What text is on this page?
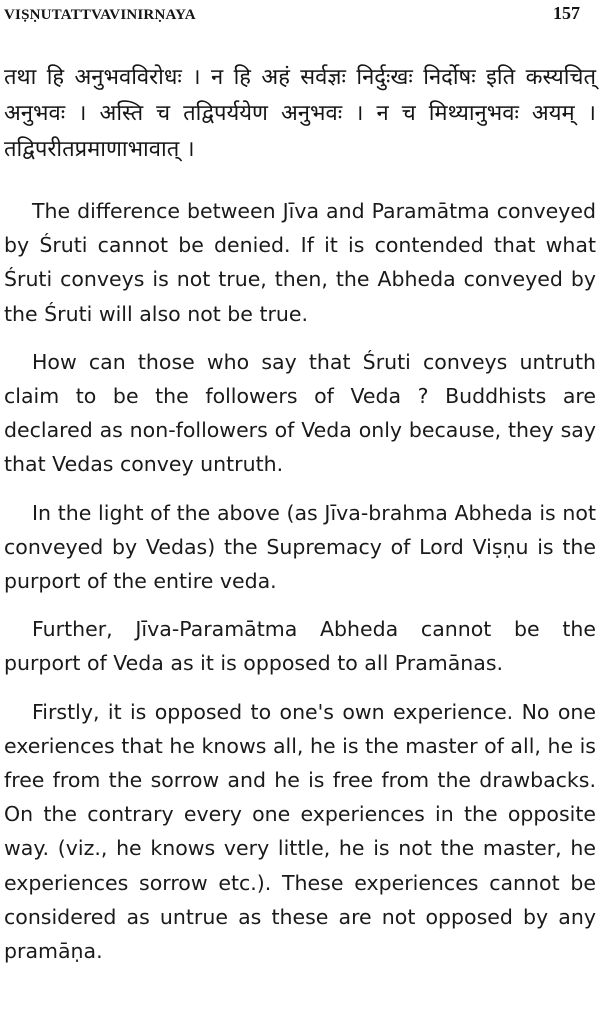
VIṢṆUTATTVAVINIRṆAYA	157

तथा हि अनुभवविरोधः । न हि अहं सर्वज्ञः निर्दुःखः निर्दोषः इति कस्यचित् अनुभवः । अस्ति च तद्विपर्ययेण अनुभवः । न च मिथ्यानुभवः अयम् । तद्विपरीतप्रमाणाभावात् ।

The difference between Jīva and Paramātma conveyed by Śruti cannot be denied. If it is contended that what Śruti conveys is not true, then, the Abheda conveyed by the Śruti will also not be true.

How can those who say that Śruti conveys untruth claim to be the followers of Veda ? Buddhists are declared as non-followers of Veda only because, they say that Vedas convey untruth.

In the light of the above (as Jīva-brahma Abheda is not conveyed by Vedas) the Supremacy of Lord Viṣṇu is the purport of the entire veda.

Further, Jīva-Paramātma Abheda cannot be the purport of Veda as it is opposed to all Pramānas.

Firstly, it is opposed to one's own experience. No one exeriences that he knows all, he is the master of all, he is free from the sorrow and he is free from the drawbacks. On the contrary every one experiences in the opposite way. (viz., he knows very little, he is not the master, he experiences sorrow etc.). These experiences cannot be considered as untrue as these are not opposed by any pramāṇa.
